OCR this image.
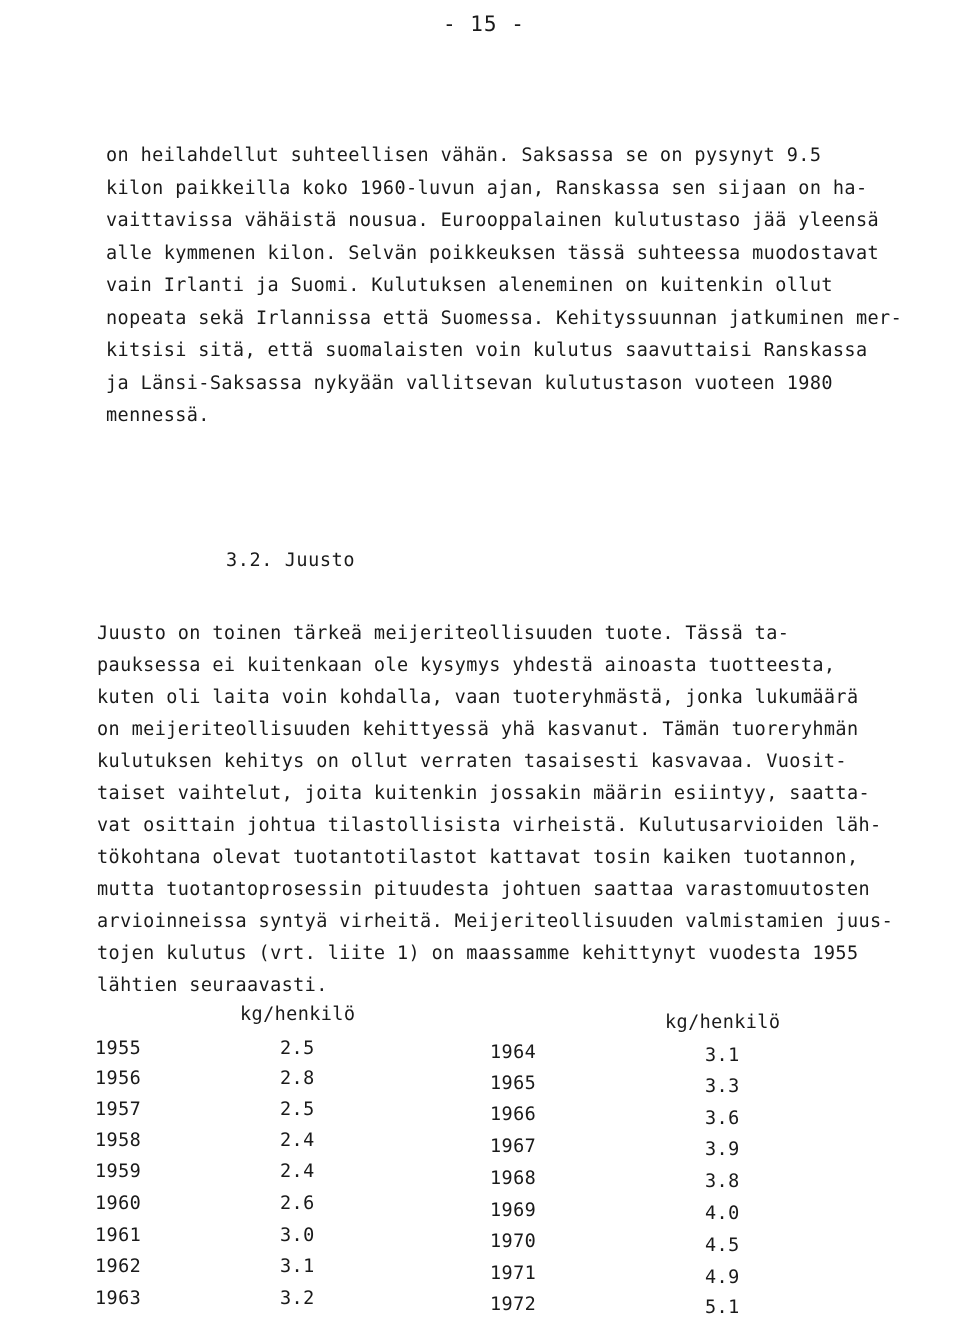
- 15 -
on heilahdellut suhteellisen vähän. Saksassa se on pysynyt 9.5
kilon paikkeilla koko 1960-luvun ajan, Ranskassa sen sijaan on ha-
vaittavissa vähäistä nousua. Eurooppalainen kulutustaso jää yleensä
alle kymmenen kilon. Selvän poikkeuksen tässä suhteessa muodostavat
vain Irlanti ja Suomi. Kulutuksen aleneminen on kuitenkin ollut
nopeata sekä Irlannissa että Suomessa. Kehityssuunnan jatkuminen mer-
kitsisi sitä, että suomalaisten voin kulutus saavuttaisi Ranskassa
ja Länsi-Saksassa nykyään vallitsevan kulutustason vuoteen 1980
mennessä.
3.2. Juusto
Juusto on toinen tärkeä meijeriteollisuuden tuote. Tässä ta-
pauksessa ei kuitenkaan ole kysymys yhdestä ainoasta tuotteesta,
kuten oli laita voin kohdalla, vaan tuoteryhmästä, jonka lukumäärä
on meijeriteollisuuden kehittyessä yhä kasvanut. Tämän tuoreryhmän
kulutuksen kehitys on ollut verraten tasaisesti kasvavaa. Vuosit-
taiset vaihtelut, joita kuitenkin jossakin määrin esiintyy, saatta-
vat osittain johtua tilastollisista virheistä. Kulutusarvioiden läh-
tökohtana olevat tuotantotilastot kattavat tosin kaiken tuotannon,
mutta tuotantoprosessin pituudesta johtuen saattaa varastomuutosten
arvioinneissa syntyä virheitä. Meijeriteollisuuden valmistamien juus-
tojen kulutus (vrt. liite 1) on maassamme kehittynyt vuodesta 1955
lähtien seuraavasti.
kg/henkilö	kg/henkilö
1955	2.5
1956	2.8
1957	2.5
1958	2.4
1959	2.4
1960	2.6
1961	3.0
1962	3.1
1963	3.2
1964	3.1
1965	3.3
1966	3.6
1967	3.9
1968	3.8
1969	4.0
1970	4.5
1971	4.9
1972	5.1
